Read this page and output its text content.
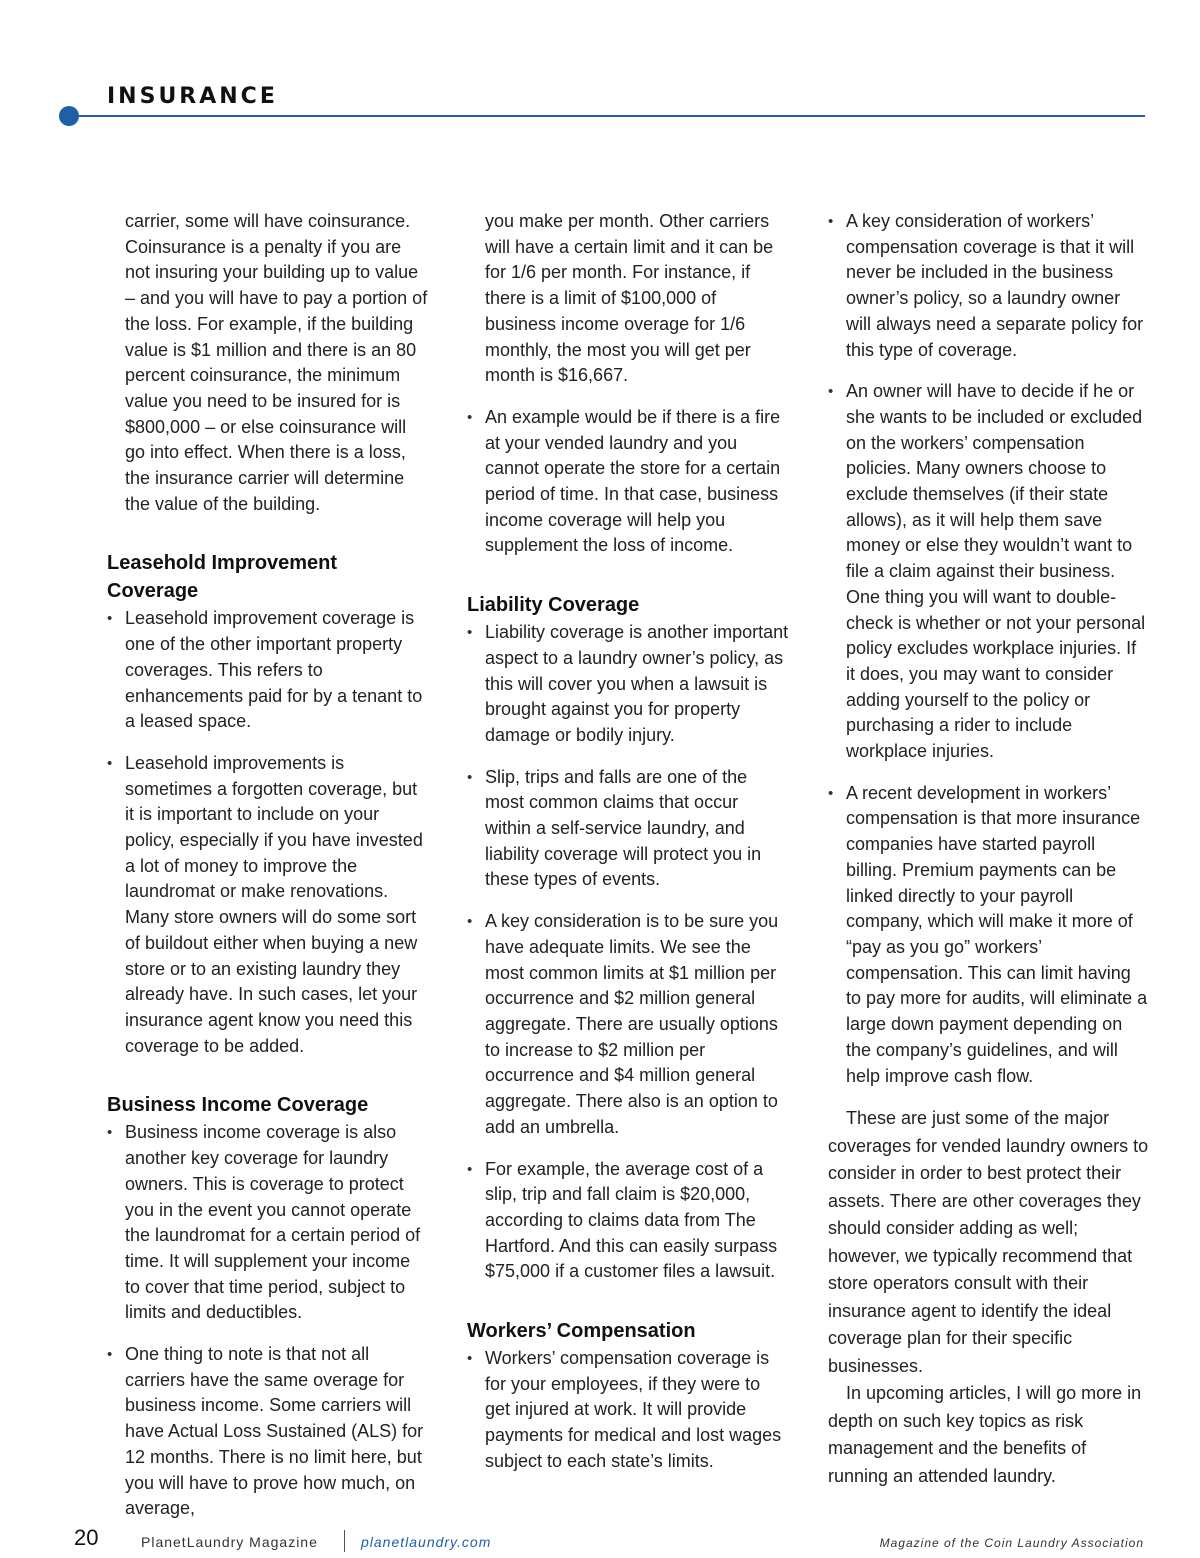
INSURANCE

carrier, some will have coinsurance. Coinsurance is a penalty if you are not insuring your building up to value – and you will have to pay a portion of the loss. For example, if the building value is $1 million and there is an 80 percent coinsurance, the minimum value you need to be insured for is $800,000 – or else coinsurance will go into effect. When there is a loss, the insurance carrier will determine the value of the building.

Leasehold Improvement Coverage

• Leasehold improvement coverage is one of the other important property coverages. This refers to enhancements paid for by a tenant to a leased space.

• Leasehold improvements is sometimes a forgotten coverage, but it is important to include on your policy, especially if you have invested a lot of money to improve the laundromat or make renovations. Many store owners will do some sort of buildout either when buying a new store or to an existing laundry they already have. In such cases, let your insurance agent know you need this coverage to be added.

Business Income Coverage

• Business income coverage is also another key coverage for laundry owners. This is coverage to protect you in the event you cannot operate the laundromat for a certain period of time. It will supplement your income to cover that time period, subject to limits and deductibles.

• One thing to note is that not all carriers have the same overage for business income. Some carriers will have Actual Loss Sustained (ALS) for 12 months. There is no limit here, but you will have to prove how much, on average,

you make per month. Other carriers will have a certain limit and it can be for 1/6 per month. For instance, if there is a limit of $100,000 of business income overage for 1/6 monthly, the most you will get per month is $16,667.

• An example would be if there is a fire at your vended laundry and you cannot operate the store for a certain period of time. In that case, business income coverage will help you supplement the loss of income.

Liability Coverage

• Liability coverage is another important aspect to a laundry owner’s policy, as this will cover you when a lawsuit is brought against you for property damage or bodily injury.

• Slip, trips and falls are one of the most common claims that occur within a self-service laundry, and liability coverage will protect you in these types of events.

• A key consideration is to be sure you have adequate limits. We see the most common limits at $1 million per occurrence and $2 million general aggregate. There are usually options to increase to $2 million per occurrence and $4 million general aggregate. There also is an option to add an umbrella.

• For example, the average cost of a slip, trip and fall claim is $20,000, according to claims data from The Hartford. And this can easily surpass $75,000 if a customer files a lawsuit.

Workers’ Compensation

• Workers’ compensation coverage is for your employees, if they were to get injured at work. It will provide payments for medical and lost wages subject to each state’s limits.

• A key consideration of workers’ compensation coverage is that it will never be included in the business owner’s policy, so a laundry owner will always need a separate policy for this type of coverage.

• An owner will have to decide if he or she wants to be included or excluded on the workers’ compensation policies. Many owners choose to exclude themselves (if their state allows), as it will help them save money or else they wouldn’t want to file a claim against their business. One thing you will want to double-check is whether or not your personal policy excludes workplace injuries. If it does, you may want to consider adding yourself to the policy or purchasing a rider to include workplace injuries.

• A recent development in workers’ compensation is that more insurance companies have started payroll billing. Premium payments can be linked directly to your payroll company, which will make it more of “pay as you go” workers’ compensation. This can limit having to pay more for audits, will eliminate a large down payment depending on the company’s guidelines, and will help improve cash flow.

These are just some of the major coverages for vended laundry owners to consider in order to best protect their assets. There are other coverages they should consider adding as well; however, we typically recommend that store operators consult with their insurance agent to identify the ideal coverage plan for their specific businesses.

In upcoming articles, I will go more in depth on such key topics as risk management and the benefits of running an attended laundry.

20	PlanetLaundry Magazine	planetlaundry.com	Magazine of the Coin Laundry Association
